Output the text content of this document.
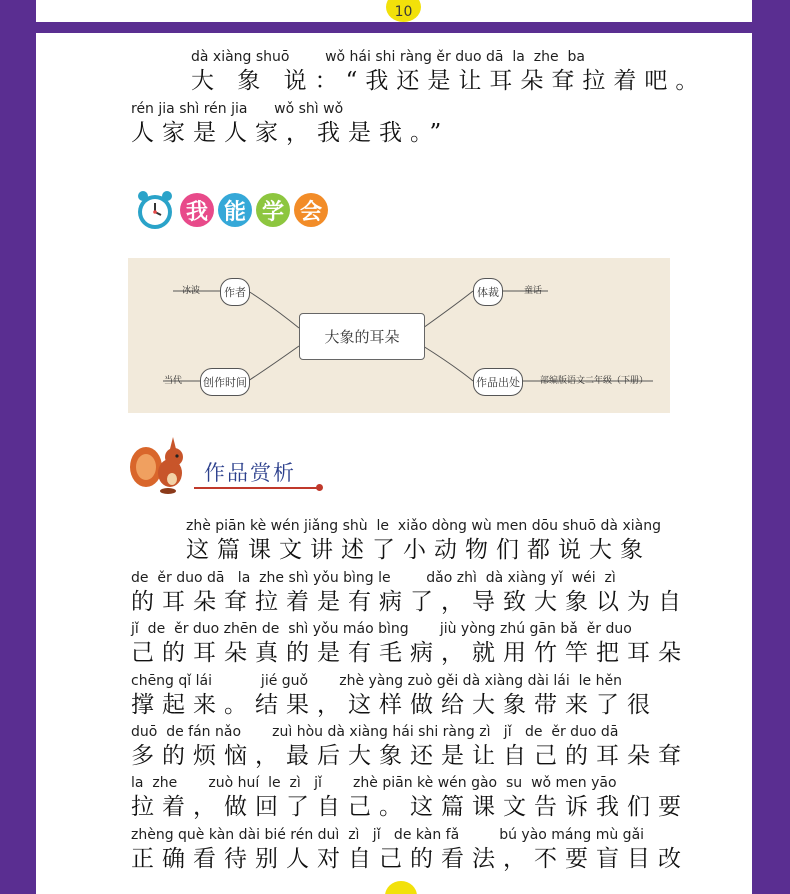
10
dà xiàng shuō        wǒ hái shi ràng ěr duo dā  la  zhe  ba
大 象 说：“我还是让耳朵耷拉着吧。
rén jia shì rén jia      wǒ shì wǒ
人家是人家，我是我。”
我 能 学 会
冰波	作者	体裁	童话
当代 创作时间	作品出处	部编版语文二年级（下册）
大象的耳朵
作品赏析
zhè piān kè wén jiǎng shù  le  xiǎo dòng wù men dōu shuō dà xiàng
这篇课文讲述了小动物们都说大象
de  ěr duo dā   la  zhe shì yǒu bìng le        dǎo zhì  dà xiàng yǐ  wéi  zì
的耳朵耷拉着是有病了，导致大象以为自
jǐ  de  ěr duo zhēn de  shì yǒu máo bìng       jiù yòng zhú gān bǎ  ěr duo
己的耳朵真的是有毛病，就用竹竿把耳朵
chēng qǐ lái           jié guǒ       zhè yàng zuò gěi dà xiàng dài lái  le hěn
撑起来。结果，这样做给大象带来了很
duō  de fán nǎo       zuì hòu dà xiàng hái shi ràng zì   jǐ   de  ěr duo dā
多的烦恼，最后大象还是让自己的耳朵耷
la  zhe       zuò huí  le  zì   jǐ       zhè piān kè wén gào  su  wǒ men yāo
拉着，做回了自己。这篇课文告诉我们要
zhèng què kàn dài bié rén duì  zì   jǐ   de kàn fǎ         bú yào máng mù gǎi
正确看待别人对自己的看法，不要盲目改
